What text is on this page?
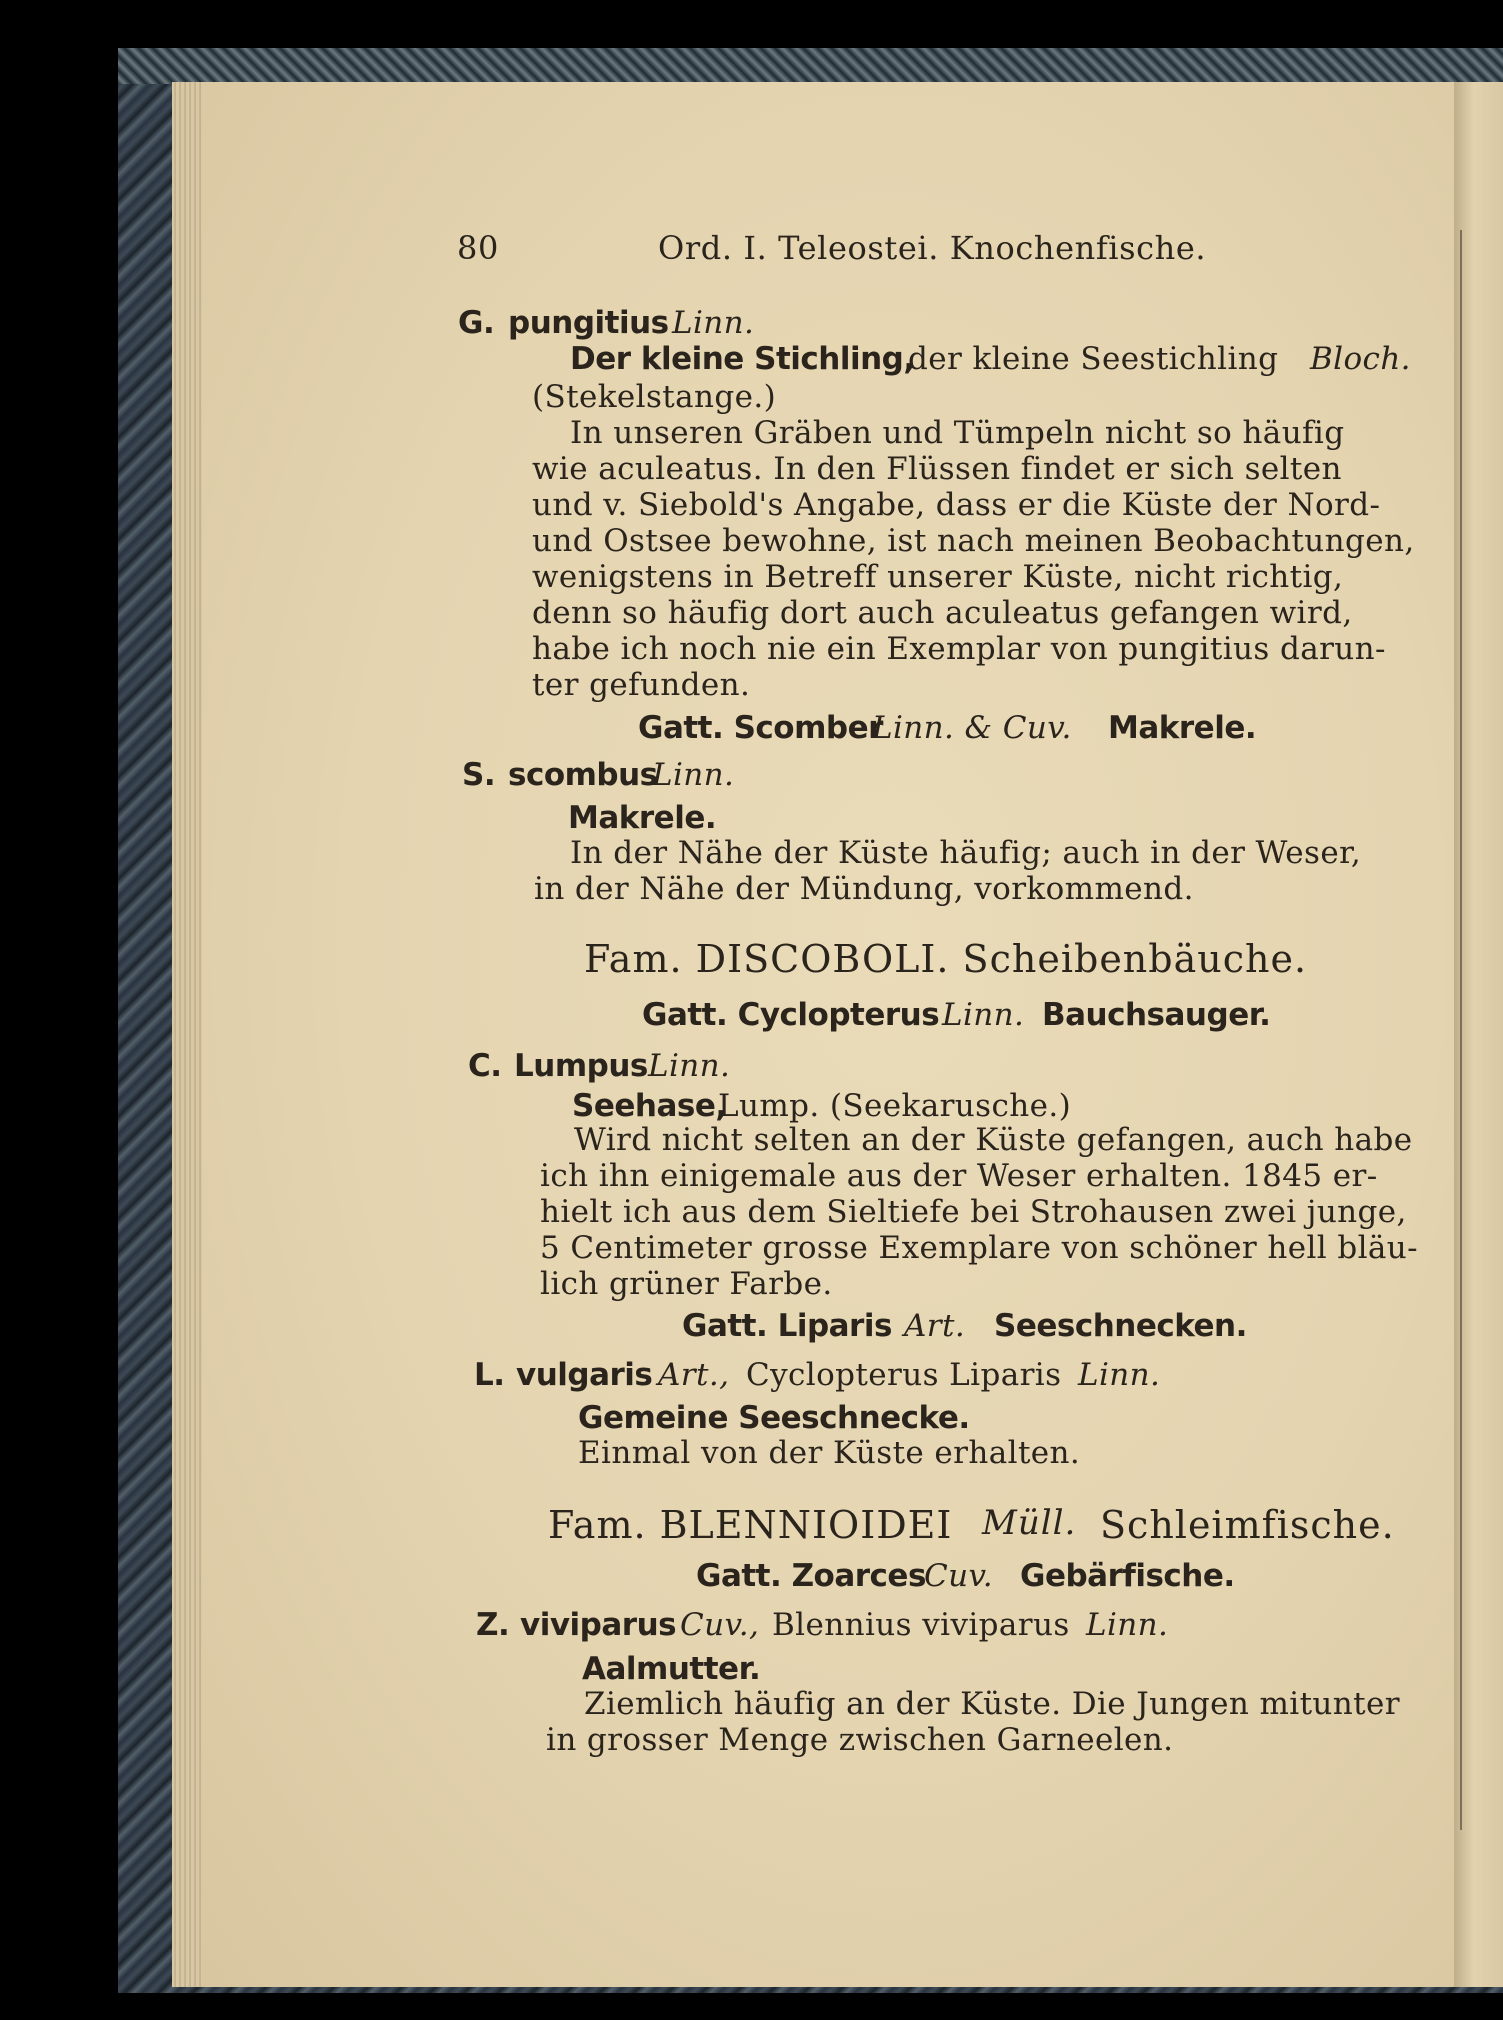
80	Ord. I. Teleostei. Knochenfische.
G. pungitius Linn.
Der kleine Stichling,
der kleine Seestichling Bloch.
(Stekelstange.)
In unseren Gräben und Tümpeln nicht so häufig
wie aculeatus. In den Flüssen findet er sich selten
und v. Siebold's Angabe, dass er die Küste der Nord-
und Ostsee bewohne, ist nach meinen Beobachtungen,
wenigstens in Betreff unserer Küste, nicht richtig,
denn so häufig dort auch aculeatus gefangen wird,
habe ich noch nie ein Exemplar von pungitius darun-
ter gefunden.
Gatt. Scomber
Linn. & Cuv. Makrele.
S. scombus
Linn.
Makrele.
In der Nähe der Küste häufig; auch in der Weser,
in der Nähe der Mündung, vorkommend.
Fam. DISCOBOLI. Scheibenbäuche.
Gatt. Cyclopterus Linn. Bauchsauger.
C. Lumpus Linn.
Seehase,
Lump. (Seekarusche.)
Wird nicht selten an der Küste gefangen, auch habe
ich ihn einigemale aus der Weser erhalten. 1845 er-
hielt ich aus dem Sieltiefe bei Strohausen zwei junge,
5 Centimeter grosse Exemplare von schöner hell bläu-
lich grüner Farbe.
Gatt. Liparis Art. Seeschnecken.
L. vulgaris Art., Cyclopterus Liparis Linn.
Gemeine Seeschnecke.
Einmal von der Küste erhalten.
Fam. BLENNIOIDEI Müll. Schleimfische.
Gatt. Zoarces
Cuv. Gebärfische.
Z. viviparus Cuv., Blennius viviparus Linn.
Aalmutter.
Ziemlich häufig an der Küste. Die Jungen mitunter
in grosser Menge zwischen Garneelen.
